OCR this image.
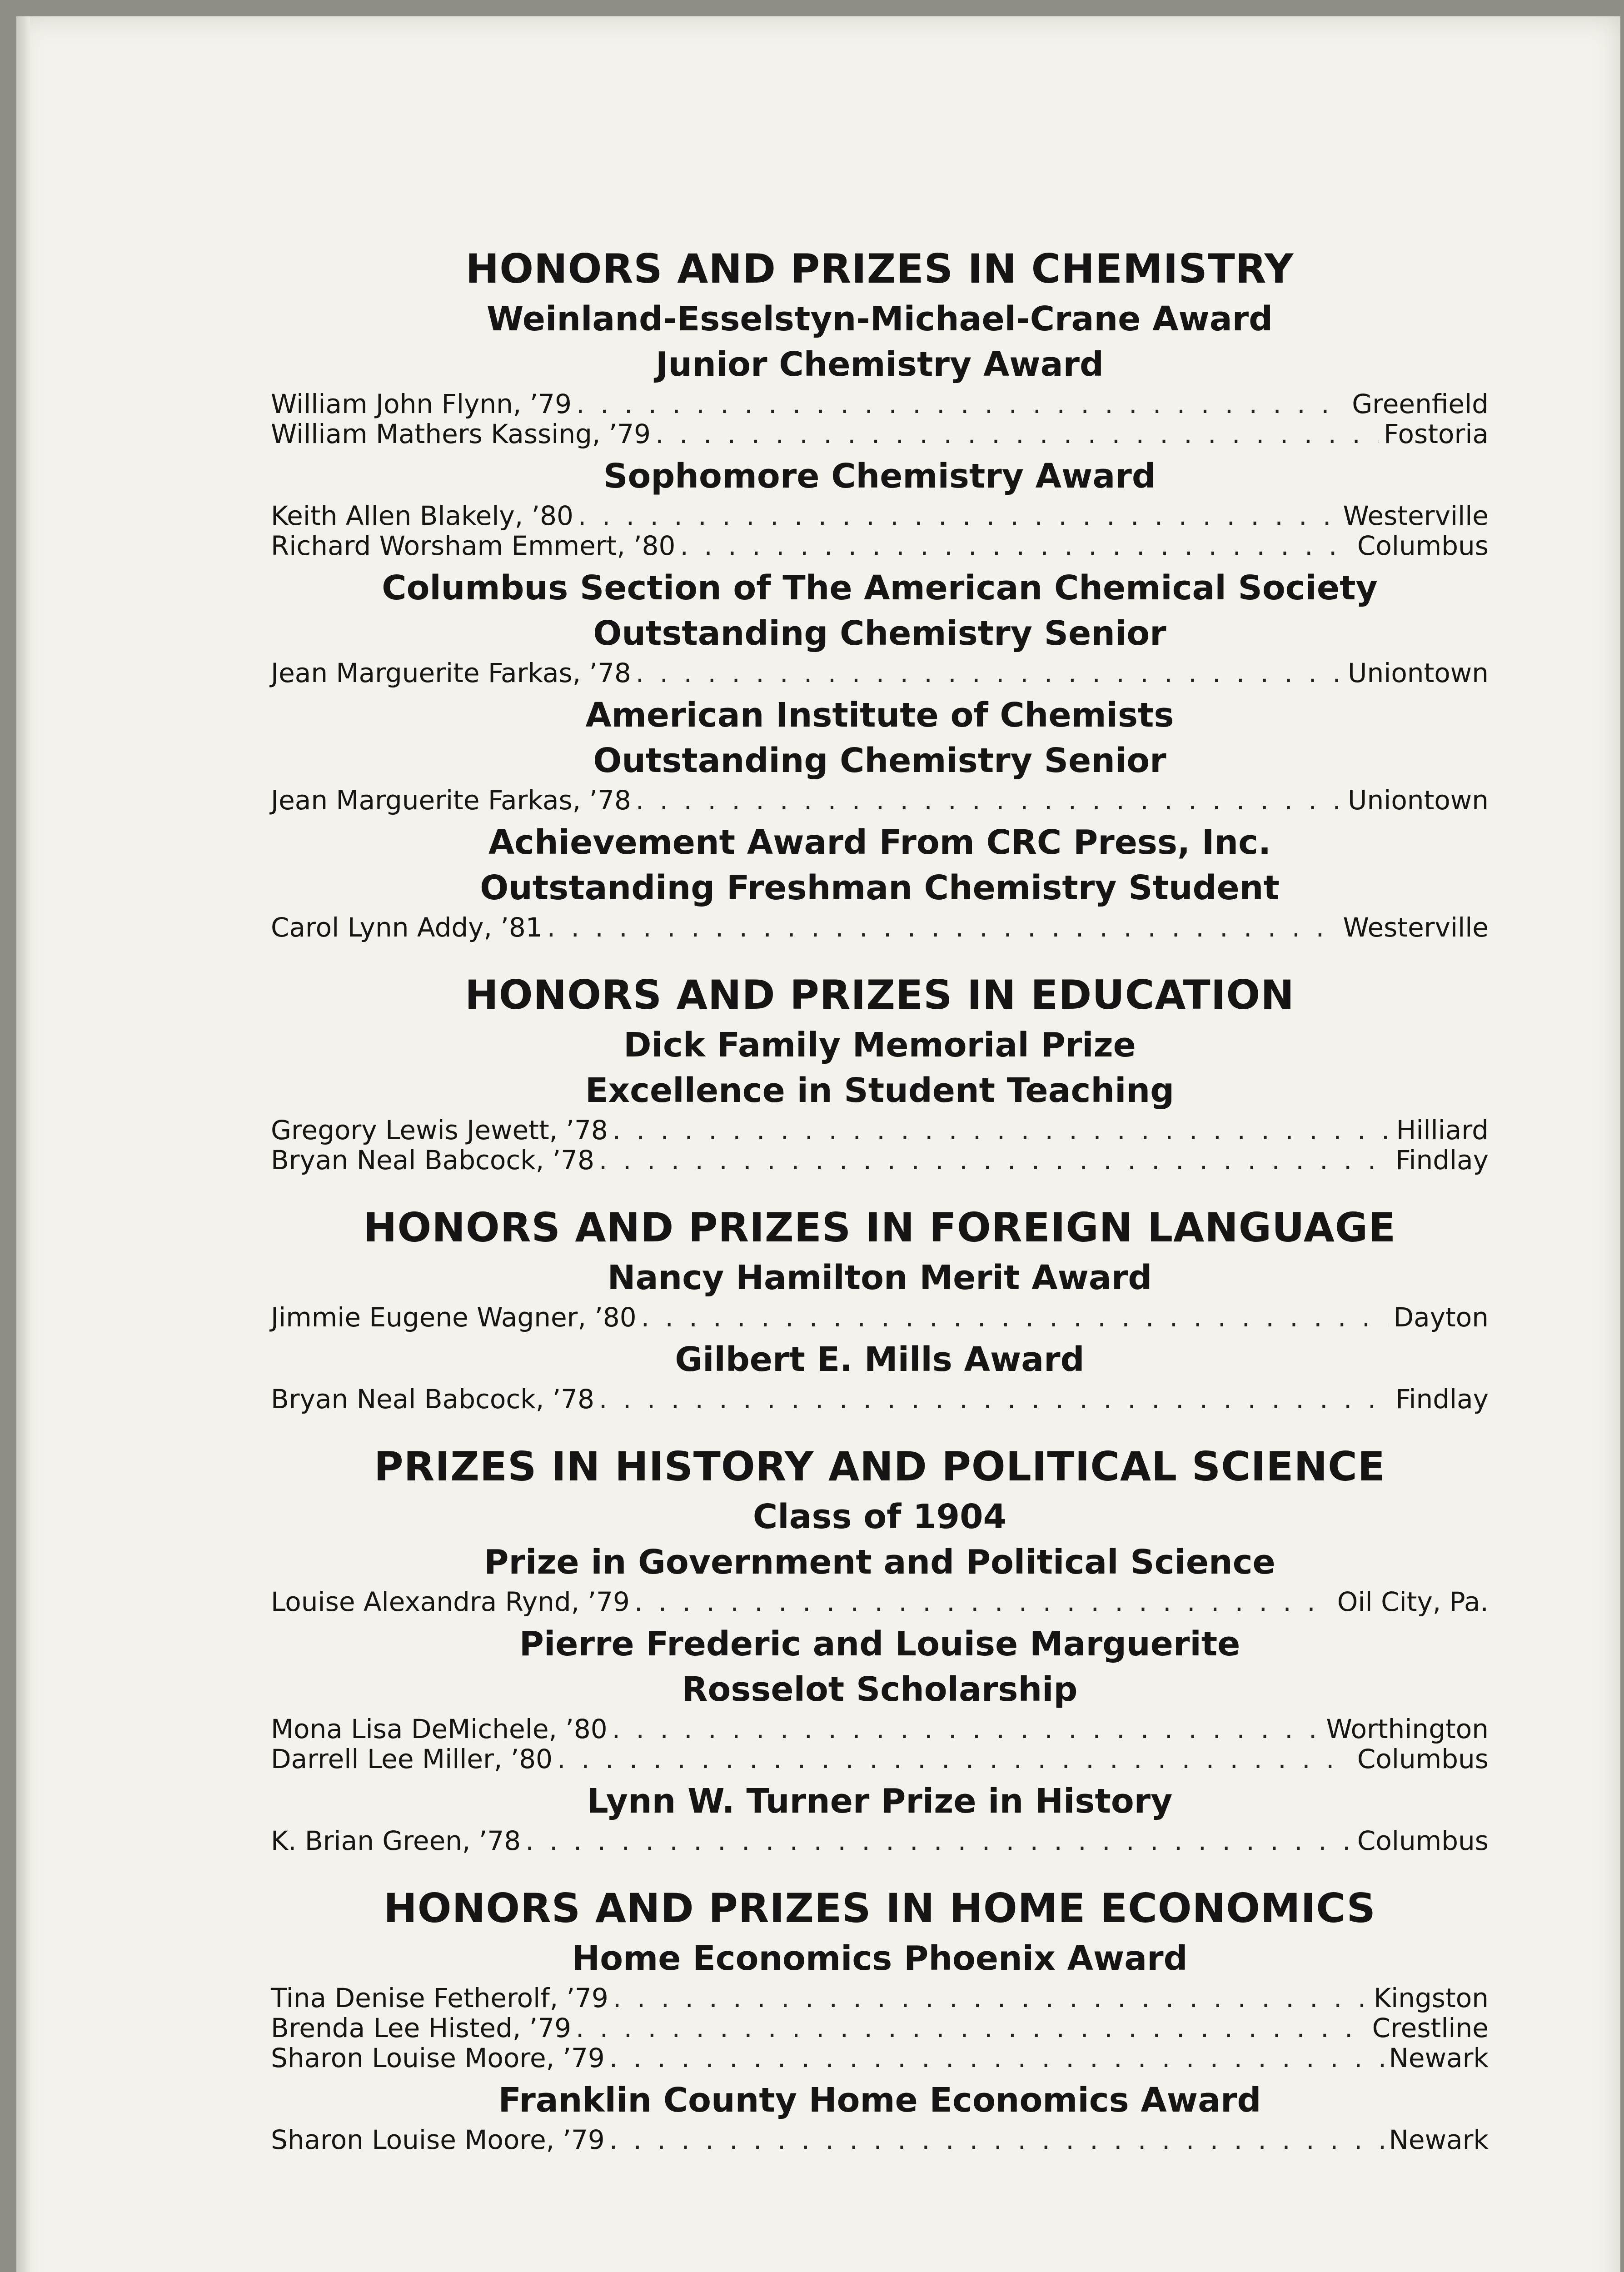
HONORS AND PRIZES IN CHEMISTRY
Weinland-Esselstyn-Michael-Crane Award
Junior Chemistry Award
William John Flynn, ’79 . . .	Greenfield
William Mathers Kassing, ’79 . . .	Fostoria
Sophomore Chemistry Award
Keith Allen Blakely, ’80 . . .	Westerville
Richard Worsham Emmert, ’80 . . .	Columbus
Columbus Section of The American Chemical Society
Outstanding Chemistry Senior
Jean Marguerite Farkas, ’78 . . .	Uniontown
American Institute of Chemists
Outstanding Chemistry Senior
Jean Marguerite Farkas, ’78 . . .	Uniontown
Achievement Award From CRC Press, Inc.
Outstanding Freshman Chemistry Student
Carol Lynn Addy, ’81 . . .	Westerville
HONORS AND PRIZES IN EDUCATION
Dick Family Memorial Prize
Excellence in Student Teaching
Gregory Lewis Jewett, ’78 . . .	Hilliard
Bryan Neal Babcock, ’78 . . .	Findlay
HONORS AND PRIZES IN FOREIGN LANGUAGE
Nancy Hamilton Merit Award
Jimmie Eugene Wagner, ’80 . . .	Dayton
Gilbert E. Mills Award
Bryan Neal Babcock, ’78 . . .	Findlay
PRIZES IN HISTORY AND POLITICAL SCIENCE
Class of 1904
Prize in Government and Political Science
Louise Alexandra Rynd, ’79 . . .	Oil City, Pa.
Pierre Frederic and Louise Marguerite
Rosselot Scholarship
Mona Lisa DeMichele, ’80 . . .	Worthington
Darrell Lee Miller, ’80 . . .	Columbus
Lynn W. Turner Prize in History
K. Brian Green, ’78 . . .	Columbus
HONORS AND PRIZES IN HOME ECONOMICS
Home Economics Phoenix Award
Tina Denise Fetherolf, ’79 . . .	Kingston
Brenda Lee Histed, ’79 . . .	Crestline
Sharon Louise Moore, ’79 . . .	Newark
Franklin County Home Economics Award
Sharon Louise Moore, ’79 . . .	Newark
